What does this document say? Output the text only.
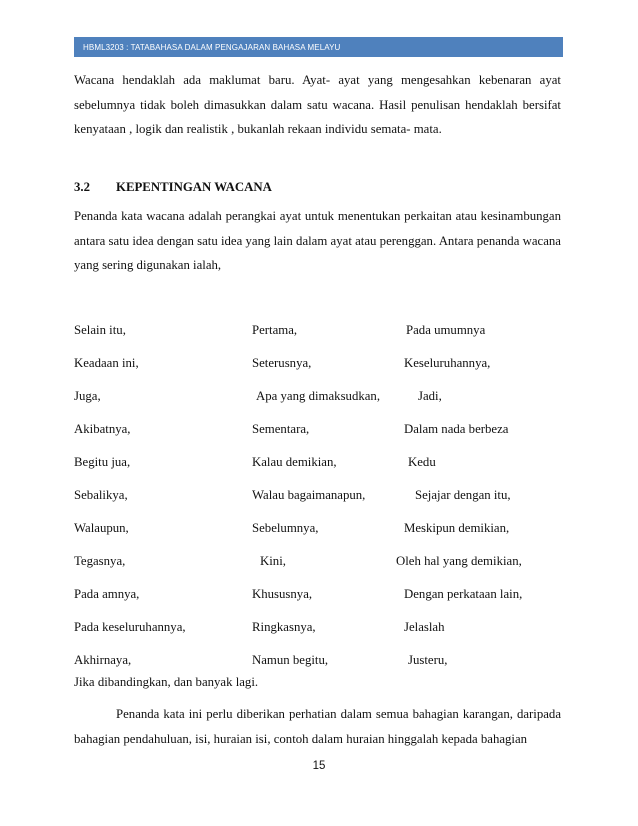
HBML3203 : TATABAHASA DALAM PENGAJARAN BAHASA MELAYU

Wacana hendaklah ada maklumat baru. Ayat- ayat yang mengesahkan kebenaran ayat sebelumnya tidak boleh dimasukkan dalam satu wacana. Hasil penulisan hendaklah bersifat kenyataan , logik dan realistik , bukanlah rekaan individu semata- mata.

3.2	KEPENTINGAN WACANA

Penanda kata wacana adalah perangkai ayat untuk menentukan perkaitan atau kesinambungan antara satu idea dengan satu idea yang lain dalam ayat atau perenggan. Antara penanda wacana yang sering digunakan ialah,

Selain itu,	Pertama,	Pada umumnya
Keadaan ini,	Seterusnya,	Keseluruhannya,
Juga,	Apa yang dimaksudkan,	Jadi,
Akibatnya,	Sementara,	Dalam nada berbeza
Begitu jua,	Kalau demikian,	Kedu
Sebalikya,	Walau bagaimanapun,	Sejajar dengan itu,
Walaupun,	Sebelumnya,	Meskipun demikian,
Tegasnya,	Kini,	Oleh hal yang demikian,
Pada amnya,	Khususnya,	Dengan perkataan lain,
Pada keseluruhannya,	Ringkasnya,	Jelaslah
Akhirnaya,	Namun begitu,	Justeru,
Jika dibandingkan, dan banyak lagi.

Penanda kata ini perlu diberikan perhatian dalam semua bahagian karangan, daripada bahagian pendahuluan, isi, huraian isi, contoh dalam huraian hinggalah kepada bahagian

15
